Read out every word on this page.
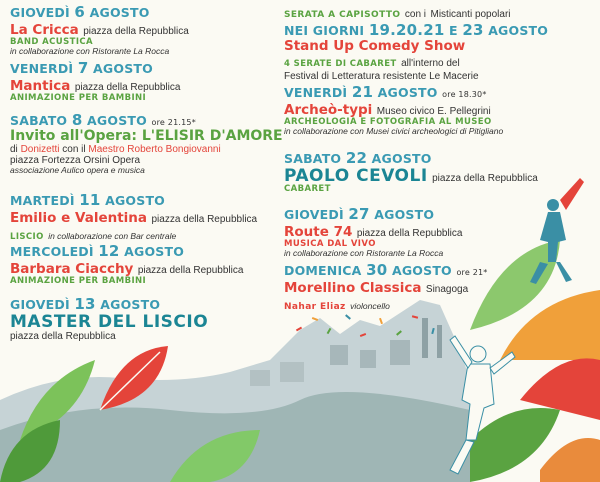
GIOVEDÌ 6 AGOSTO
La Cricca piazza della Repubblica
BAND ACUSTICA
in collaborazione con Ristorante La Rocca
VENERDÌ 7 AGOSTO
Mantica piazza della Repubblica
ANIMAZIONE PER BAMBINI
SABATO 8 AGOSTO ore 21.15*
Invito all'Opera: L'ELISIR D'AMORE
di Donizetti con il Maestro Roberto Bongiovanni
piazza Fortezza Orsini Opera
associazione Aulico opera e musica
MARTEDÌ 11 AGOSTO
Emilio e Valentina piazza della Repubblica
LISCIO in collaborazione con Bar centrale
MERCOLEDÌ 12 AGOSTO
Barbara Ciacchy piazza della Repubblica
ANIMAZIONE PER BAMBINI
GIOVEDÌ 13 AGOSTO
MASTER DEL LISCIO
piazza della Repubblica
SERATA A CAPISOTTO con i Misticanti popolari
NEI GIORNI 19.20.21 E 23 AGOSTO
Stand Up Comedy Show
4 SERATE DI CABARET all'interno del
Festival di Letteratura resistente Le Macerie
VENERDÌ 21 AGOSTO ore 18.30*
Archeò-typi Museo civico E. Pellegrini
ARCHEOLOGIA E FOTOGRAFIA AL MUSEO
in collaborazione con Musei civici archeologici di Pitigliano
SABATO 22 AGOSTO
PAOLO CEVOLI piazza della Repubblica
CABARET
GIOVEDÌ 27 AGOSTO
Route 74 piazza della Repubblica
MUSICA DAL VIVO
in collaborazione con Ristorante La Rocca
DOMENICA 30 AGOSTO ore 21*
Morellino Classica Sinagoga
Nahar Eliaz violoncello
